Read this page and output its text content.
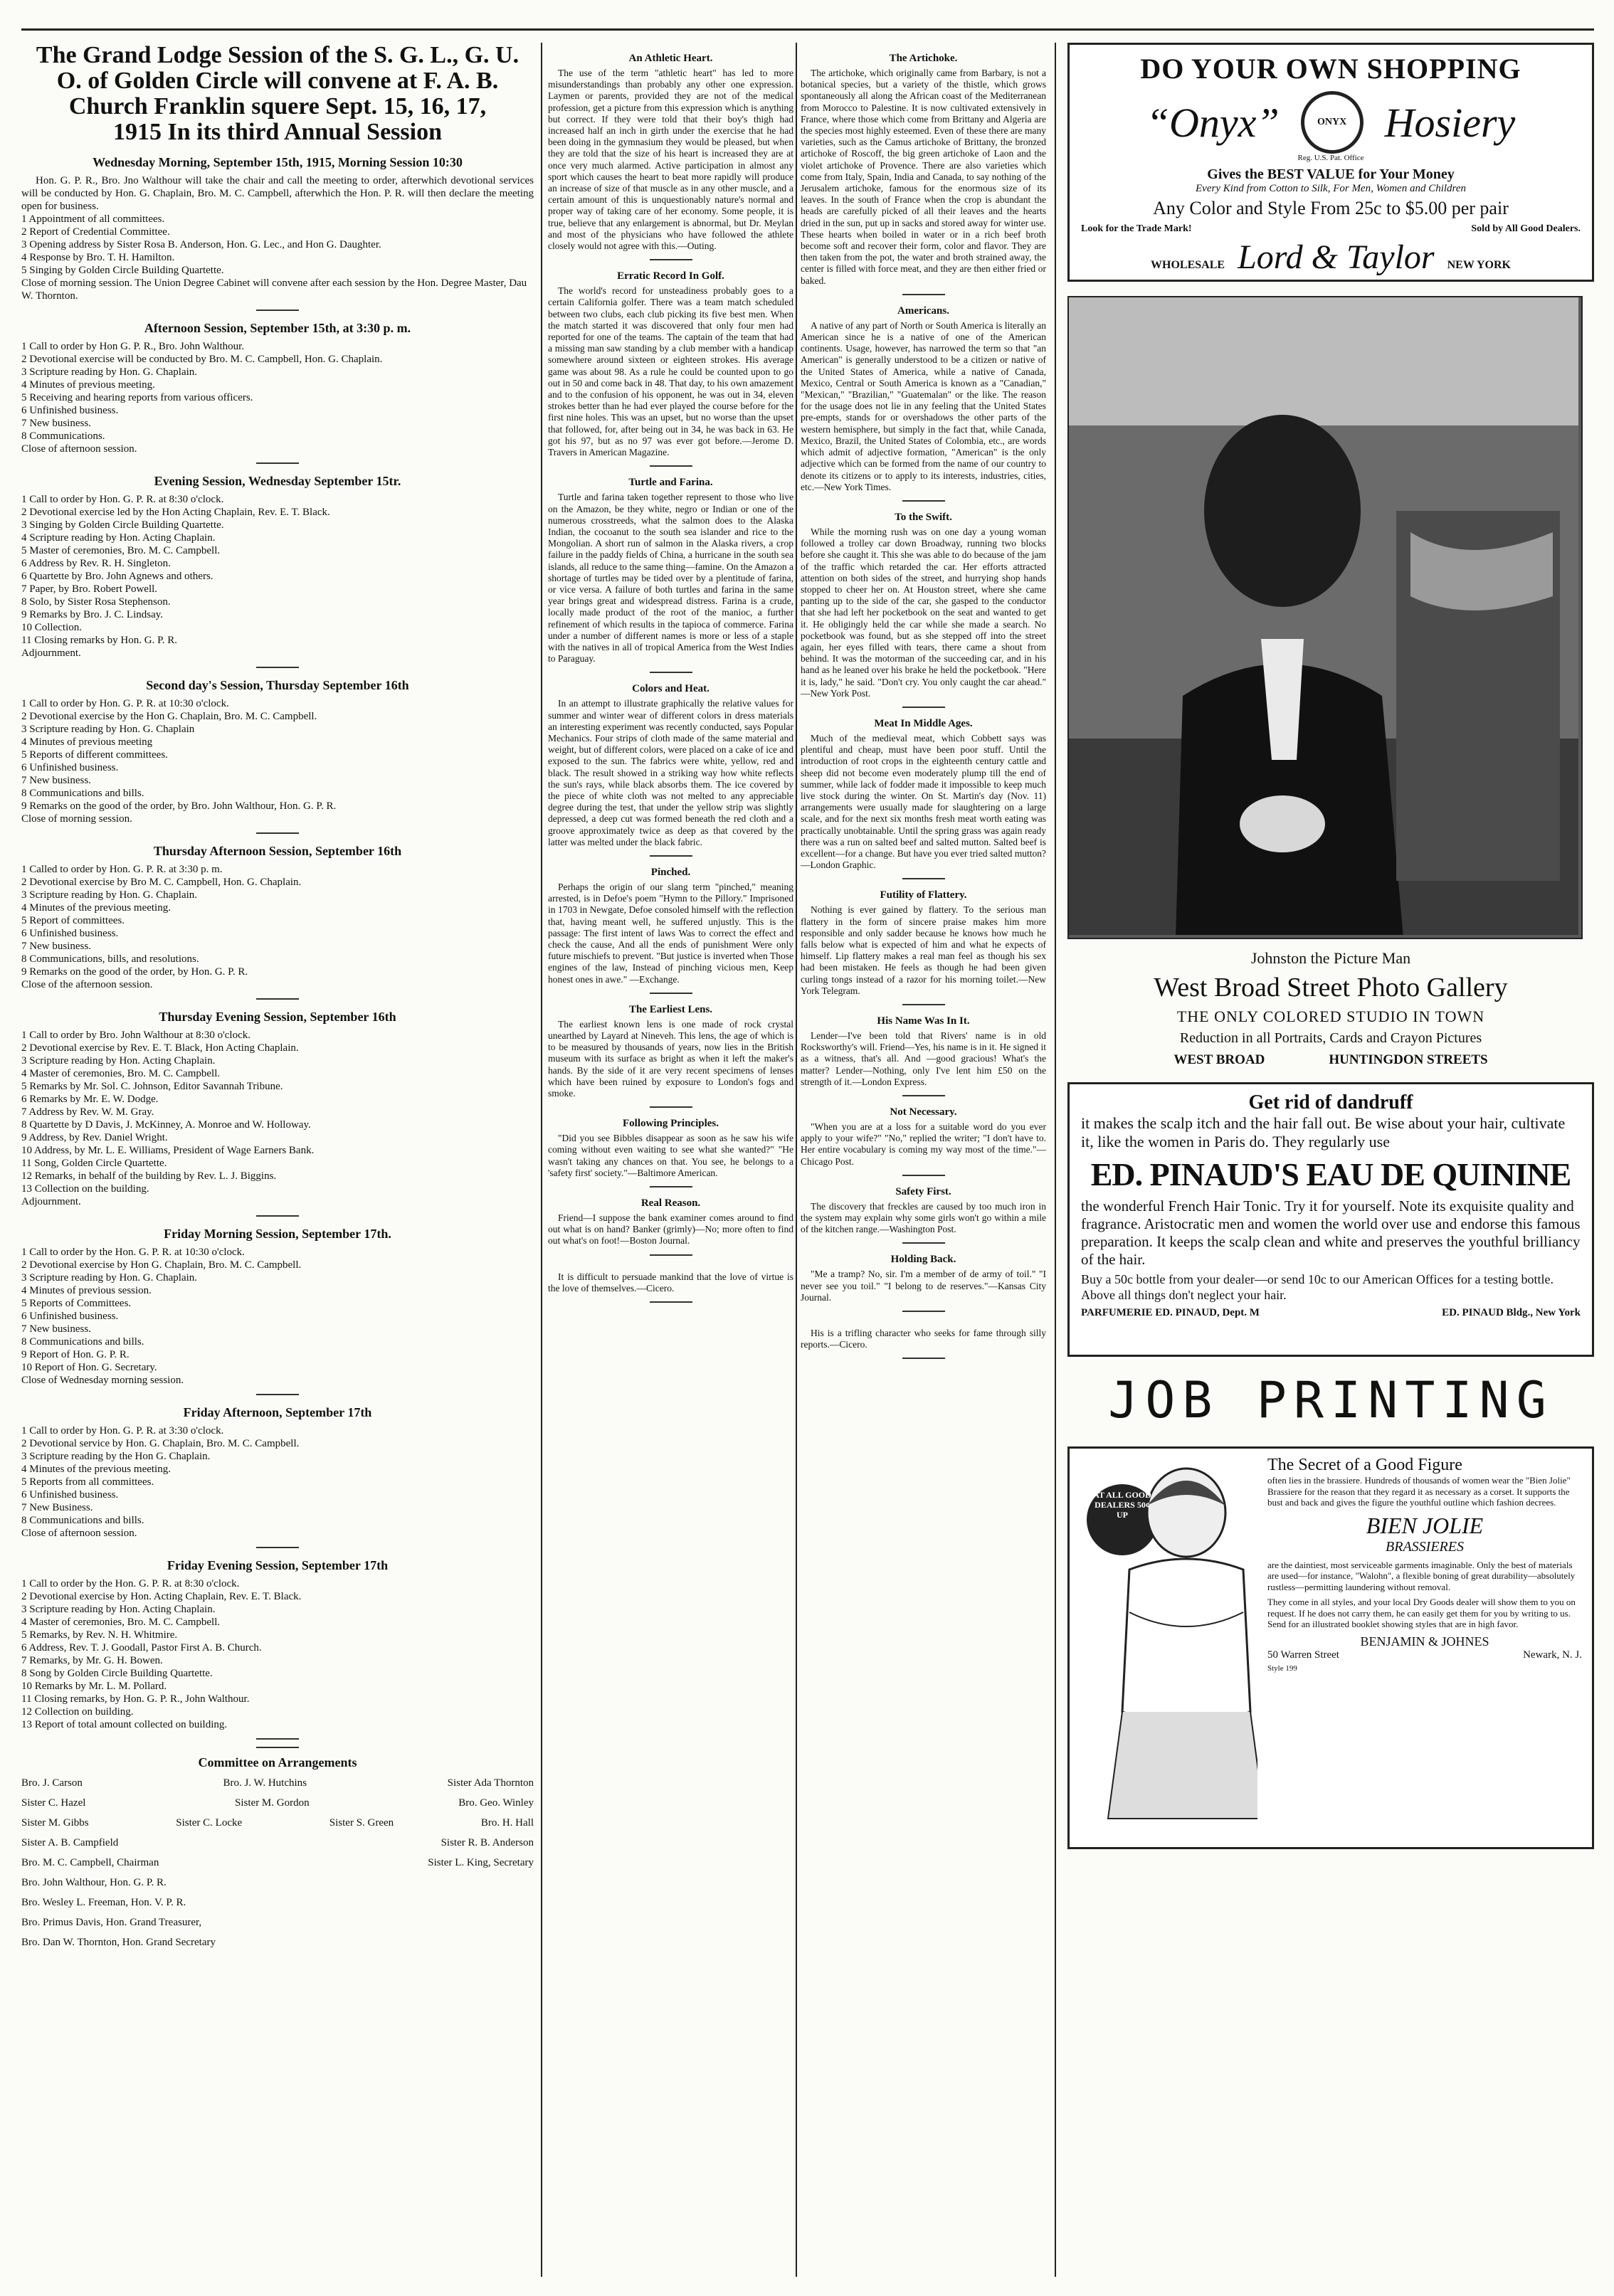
The Grand Lodge Session of the S. G. L., G. U.

O. of Golden Circle will convene at F. A. B.

Church Franklin squere Sept. 15, 16, 17,

1915 In its third Annual Session

Wednesday Morning, September 15th, 1915, Morning Session 10:30

Hon. G. P. R., Bro. Jno Walthour will take the chair and call the meeting to order, afterwhich devotional services will be conducted by Hon. G. Chaplain, Bro. M. C. Campbell, afterwhich the Hon. P. R. will then declare the meeting open for business.

1 Appointment of all committees.

2 Report of Credential Committee.

3 Opening address by Sister Rosa B. Anderson, Hon. G. Lec., and Hon G. Daughter.

4 Response by Bro. T. H. Hamilton.

5 Singing by Golden Circle Building Quartette.

Close of morning session. The Union Degree Cabinet will convene after each session by the Hon. Degree Master, Dau W. Thornton.

Afternoon Session, September 15th, at 3:30 p. m.

1 Call to order by Hon G. P. R., Bro. John Walthour.

2 Devotional exercise will be conducted by Bro. M. C. Campbell, Hon. G. Chaplain.

3 Scripture reading by Hon. G. Chaplain.

4 Minutes of previous meeting.

5 Receiving and hearing reports from various officers.

6 Unfinished business.

7 New business.

8 Communications.

Close of afternoon session.

Evening Session, Wednesday September 15tr.

1 Call to order by Hon. G. P. R. at 8:30 o'clock.

2 Devotional exercise led by the Hon Acting Chaplain, Rev. E. T. Black.

3 Singing by Golden Circle Building Quartette.

4 Scripture reading by Hon. Acting Chaplain.

5 Master of ceremonies, Bro. M. C. Campbell.

6 Address by Rev. R. H. Singleton.

6 Quartette by Bro. John Agnews and others.

7 Paper, by Bro. Robert Powell.

8 Solo, by Sister Rosa Stephenson.

9 Remarks by Bro. J. C. Lindsay.

10 Collection.

11 Closing remarks by Hon. G. P. R.

Adjournment.

Second day's Session, Thursday September 16th

1 Call to order by Hon. G. P. R. at 10:30 o'clock.

2 Devotional exercise by the Hon G. Chaplain, Bro. M. C. Campbell.

3 Scripture reading by Hon. G. Chaplain

4 Minutes of previous meeting

5 Reports of different committees.

6 Unfinished business.

7 New business.

8 Communications and bills.

9 Remarks on the good of the order, by Bro. John Walthour, Hon. G. P. R.

Close of morning session.

Thursday Afternoon Session, September 16th

1 Called to order by Hon. G. P. R. at 3:30 p. m.

2 Devotional exercise by Bro M. C. Campbell, Hon. G. Chaplain.

3 Scripture reading by Hon. G. Chaplain.

4 Minutes of the previous meeting.

5 Report of committees.

6 Unfinished business.

7 New business.

8 Communications, bills, and resolutions.

9 Remarks on the good of the order, by Hon. G. P. R.

Close of the afternoon session.

Thursday Evening Session, September 16th

1 Call to order by Bro. John Walthour at 8:30 o'clock.

2 Devotional exercise by Rev. E. T. Black, Hon Acting Chaplain.

3 Scripture reading by Hon. Acting Chaplain.

4 Master of ceremonies, Bro. M. C. Campbell.

5 Remarks by Mr. Sol. C. Johnson, Editor Savannah Tribune.

6 Remarks by Mr. E. W. Dodge.

7 Address by Rev. W. M. Gray.

8 Quartette by D Davis, J. McKinney, A. Monroe and W. Holloway.

9 Address, by Rev. Daniel Wright.

10 Address, by Mr. L. E. Williams, President of Wage Earners Bank.

11 Song, Golden Circle Quartette.

12 Remarks, in behalf of the building by Rev. L. J. Biggins.

13 Collection on the building.

Adjournment.

Friday Morning Session, September 17th.

1 Call to order by the Hon. G. P. R. at 10:30 o'clock.

2 Devotional exercise by Hon G. Chaplain, Bro. M. C. Campbell.

3 Scripture reading by Hon. G. Chaplain.

4 Minutes of previous session.

5 Reports of Committees.

6 Unfinished business.

7 New business.

8 Communications and bills.

9 Report of Hon. G. P. R.

10 Report of Hon. G. Secretary.

Close of Wednesday morning session.

Friday Afternoon, September 17th

1 Call to order by Hon. G. P. R. at 3:30 o'clock.

2 Devotional service by Hon. G. Chaplain, Bro. M. C. Campbell.

3 Scripture reading by the Hon G. Chaplain.

4 Minutes of the previous meeting.

5 Reports from all committees.

6 Unfinished business.

7 New Business.

8 Communications and bills.

Close of afternoon session.

Friday Evening Session, September 17th

1 Call to order by the Hon. G. P. R. at 8:30 o'clock.

2 Devotional exercise by Hon. Acting Chaplain, Rev. E. T. Black.

3 Scripture reading by Hon. Acting Chaplain.

4 Master of ceremonies, Bro. M. C. Campbell.

5 Remarks, by Rev. N. H. Whitmire.

6 Address, Rev. T. J. Goodall, Pastor First A. B. Church.

7 Remarks, by Mr. G. H. Bowen.

8 Song by Golden Circle Building Quartette.

10 Remarks by Mr. L. M. Pollard.

11 Closing remarks, by Hon. G. P. R., John Walthour.

12 Collection on building.

13 Report of total amount collected on building.

Committee on Arrangements

Bro. J. Carson	Bro. J. W. Hutchins	Sister Ada Thornton
Sister C. Hazel	Sister M. Gordon	Bro. Geo. Winley
Sister M. Gibbs	Sister C. Locke	Sister S. Green	Bro. H. Hall
Sister A. B. Campfield	Sister R. B. Anderson
Bro. M. C. Campbell, Chairman	Sister L. King, Secretary
Bro. John Walthour, Hon. G. P. R.
Bro. Wesley L. Freeman, Hon. V. P. R.
Bro. Primus Davis, Hon. Grand Treasurer,
Bro. Dan W. Thornton, Hon. Grand Secretary
An Athletic Heart.

The use of the term "athletic heart" has led to more misunderstandings than probably any other one expression. Laymen or parents, provided they are not of the medical profession, get a picture from this expression which is anything but correct. If they were told that their boy's thigh had increased half an inch in girth under the exercise that he had been doing in the gymnasium they would be pleased, but when they are told that the size of his heart is increased they are at once very much alarmed. Active participation in almost any sport which causes the heart to beat more rapidly will produce an increase of size of that muscle as in any other muscle, and a certain amount of this is unquestionably nature's normal and proper way of taking care of her economy. Some people, it is true, believe that any enlargement is abnormal, but Dr. Meylan and most of the physicians who have followed the athlete closely would not agree with this.—Outing.

Erratic Record In Golf.

The world's record for unsteadiness probably goes to a certain California golfer. There was a team match scheduled between two clubs, each club picking its five best men. When the match started it was discovered that only four men had reported for one of the teams. The captain of the team that had a missing man saw standing by a club member with a handicap somewhere around sixteen or eighteen strokes. His average game was about 98. As a rule he could be counted upon to go out in 50 and come back in 48. That day, to his own amazement and to the confusion of his opponent, he was out in 34, eleven strokes better than he had ever played the course before for the first nine holes. This was an upset, but no worse than the upset that followed, for, after being out in 34, he was back in 63. He got his 97, but as no 97 was ever got before.—Jerome D. Travers in American Magazine.

Turtle and Farina.

Turtle and farina taken together represent to those who live on the Amazon, be they white, negro or Indian or one of the numerous crosstreeds, what the salmon does to the Alaska Indian, the cocoanut to the south sea islander and rice to the Mongolian. A short run of salmon in the Alaska rivers, a crop failure in the paddy fields of China, a hurricane in the south sea islands, all reduce to the same thing—famine. On the Amazon a shortage of turtles may be tided over by a plentitude of farina, or vice versa. A failure of both turtles and farina in the same year brings great and widespread distress. Farina is a crude, locally made product of the root of the manioc, a further refinement of which results in the tapioca of commerce. Farina under a number of different names is more or less of a staple with the natives in all of tropical America from the West Indies to Paraguay.

Colors and Heat.

In an attempt to illustrate graphically the relative values for summer and winter wear of different colors in dress materials an interesting experiment was recently conducted, says Popular Mechanics. Four strips of cloth made of the same material and weight, but of different colors, were placed on a cake of ice and exposed to the sun. The fabrics were white, yellow, red and black. The result showed in a striking way how white reflects the sun's rays, while black absorbs them. The ice covered by the piece of white cloth was not melted to any appreciable degree during the test, that under the yellow strip was slightly depressed, a deep cut was formed beneath the red cloth and a groove approximately twice as deep as that covered by the latter was melted under the black fabric.

Pinched.

Perhaps the origin of our slang term "pinched," meaning arrested, is in Defoe's poem "Hymn to the Pillory." Imprisoned in 1703 in Newgate, Defoe consoled himself with the reflection that, having meant well, he suffered unjustly. This is the passage: The first intent of laws Was to correct the effect and check the cause, And all the ends of punishment Were only future mischiefs to prevent. "But justice is inverted when Those engines of the law, Instead of pinching vicious men, Keep honest ones in awe." —Exchange.

The Earliest Lens.

The earliest known lens is one made of rock crystal unearthed by Layard at Nineveh. This lens, the age of which is to be measured by thousands of years, now lies in the British museum with its surface as bright as when it left the maker's hands. By the side of it are very recent specimens of lenses which have been ruined by exposure to London's fogs and smoke.

Following Principles.

"Did you see Bibbles disappear as soon as he saw his wife coming without even waiting to see what she wanted?" "He wasn't taking any chances on that. You see, he belongs to a 'safety first' society."—Baltimore American.

Real Reason.

Friend—I suppose the bank examiner comes around to find out what is on hand? Banker (grimly)—No; more often to find out what's on foot!—Boston Journal.

It is difficult to persuade mankind that the love of virtue is the love of themselves.—Cicero.

The Artichoke.

The artichoke, which originally came from Barbary, is not a botanical species, but a variety of the thistle, which grows spontaneously all along the African coast of the Mediterranean from Morocco to Palestine. It is now cultivated extensively in France, where those which come from Brittany and Algeria are the species most highly esteemed. Even of these there are many varieties, such as the Camus artichoke of Brittany, the bronzed artichoke of Roscoff, the big green artichoke of Laon and the violet artichoke of Provence. There are also varieties which come from Italy, Spain, India and Canada, to say nothing of the Jerusalem artichoke, famous for the enormous size of its leaves. In the south of France when the crop is abundant the heads are carefully picked of all their leaves and the hearts dried in the sun, put up in sacks and stored away for winter use. These hearts when boiled in water or in a rich beef broth become soft and recover their form, color and flavor. They are then taken from the pot, the water and broth strained away, the center is filled with force meat, and they are then either fried or baked.

Americans.

A native of any part of North or South America is literally an American since he is a native of one of the American continents. Usage, however, has narrowed the term so that "an American" is generally understood to be a citizen or native of the United States of America, while a native of Canada, Mexico, Central or South America is known as a "Canadian," "Mexican," "Brazilian," "Guatemalan" or the like. The reason for the usage does not lie in any feeling that the United States pre-empts, stands for or overshadows the other parts of the western hemisphere, but simply in the fact that, while Canada, Mexico, Brazil, the United States of Colombia, etc., are words which admit of adjective formation, "American" is the only adjective which can be formed from the name of our country to denote its citizens or to apply to its interests, industries, cities, etc.—New York Times.

To the Swift.

While the morning rush was on one day a young woman followed a trolley car down Broadway, running two blocks before she caught it. This she was able to do because of the jam of the traffic which retarded the car. Her efforts attracted attention on both sides of the street, and hurrying shop hands stopped to cheer her on. At Houston street, where she came panting up to the side of the car, she gasped to the conductor that she had left her pocketbook on the seat and wanted to get it. He obligingly held the car while she made a search. No pocketbook was found, but as she stepped off into the street again, her eyes filled with tears, there came a shout from behind. It was the motorman of the succeeding car, and in his hand as he leaned over his brake he held the pocketbook. "Here it is, lady," he said. "Don't cry. You only caught the car ahead." —New York Post.

Meat In Middle Ages.

Much of the medieval meat, which Cobbett says was plentiful and cheap, must have been poor stuff. Until the introduction of root crops in the eighteenth century cattle and sheep did not become even moderately plump till the end of summer, while lack of fodder made it impossible to keep much live stock during the winter. On St. Martin's day (Nov. 11) arrangements were usually made for slaughtering on a large scale, and for the next six months fresh meat worth eating was practically unobtainable. Until the spring grass was again ready there was a run on salted beef and salted mutton. Salted beef is excellent—for a change. But have you ever tried salted mutton?—London Graphic.

Futility of Flattery.

Nothing is ever gained by flattery. To the serious man flattery in the form of sincere praise makes him more responsible and only sadder because he knows how much he falls below what is expected of him and what he expects of himself. Lip flattery makes a real man feel as though his sex had been mistaken. He feels as though he had been given curling tongs instead of a razor for his morning toilet.—New York Telegram.

His Name Was In It.

Lender—I've been told that Rivers' name is in old Rocksworthy's will. Friend—Yes, his name is in it. He signed it as a witness, that's all. And —good gracious! What's the matter? Lender—Nothing, only I've lent him £50 on the strength of it.—London Express.

Not Necessary.

"When you are at a loss for a suitable word do you ever apply to your wife?" "No," replied the writer; "I don't have to. Her entire vocabulary is coming my way most of the time."—Chicago Post.

Safety First.

The discovery that freckles are caused by too much iron in the system may explain why some girls won't go within a mile of the kitchen range.—Washington Post.

Holding Back.

"Me a tramp? No, sir. I'm a member of de army of toil." "I never see you toil." "I belong to de reserves."—Kansas City Journal.

His is a trifling character who seeks for fame through silly reports.—Cicero.

DO YOUR OWN SHOPPING

“Onyx”	ONYX Hosiery

Reg. U.S. Pat. Office

Gives the BEST VALUE for Your Money

Every Kind from Cotton to Silk, For Men, Women and Children

Any Color and Style From 25c to $5.00 per pair

Look for the Trade Mark!	Sold by All Good Dealers.
WHOLESALE Lord & Taylor NEW YORK

Johnston the Picture Man

West Broad Street Photo Gallery

THE ONLY COLORED STUDIO IN TOWN

Reduction in all Portraits, Cards and Crayon Pictures

WEST BROAD	HUNTINGDON STREETS

Get rid of dandruff

it makes the scalp itch and the hair fall out. Be wise about your hair, cultivate it, like the women in Paris do. They regularly use

ED. PINAUD'S EAU DE QUININE

the wonderful French Hair Tonic. Try it for yourself. Note its exquisite quality and fragrance. Aristocratic men and women the world over use and endorse this famous preparation. It keeps the scalp clean and white and preserves the youthful brilliancy of the hair.

Buy a 50c bottle from your dealer—or send 10c to our American Offices for a testing bottle. Above all things don't neglect your hair.

PARFUMERIE ED. PINAUD, Dept. M	ED. PINAUD Bldg., New York

JOB PRINTING

AT ALL GOOD DEALERS 50¢ UP

The Secret of a Good Figure

often lies in the brassiere. Hundreds of thousands of women wear the "Bien Jolie" Brassiere for the reason that they regard it as necessary as a corset. It supports the bust and back and gives the figure the youthful outline which fashion decrees.

BIEN JOLIE

BRASSIERES

are the daintiest, most serviceable garments imaginable. Only the best of materials are used—for instance, "Walohn", a flexible boning of great durability—absolutely rustless—permitting laundering without removal.

They come in all styles, and your local Dry Goods dealer will show them to you on request. If he does not carry them, he can easily get them for you by writing to us. Send for an illustrated booklet showing styles that are in high favor.

BENJAMIN & JOHNES

50 Warren Street	Newark, N. J.

Style 199
